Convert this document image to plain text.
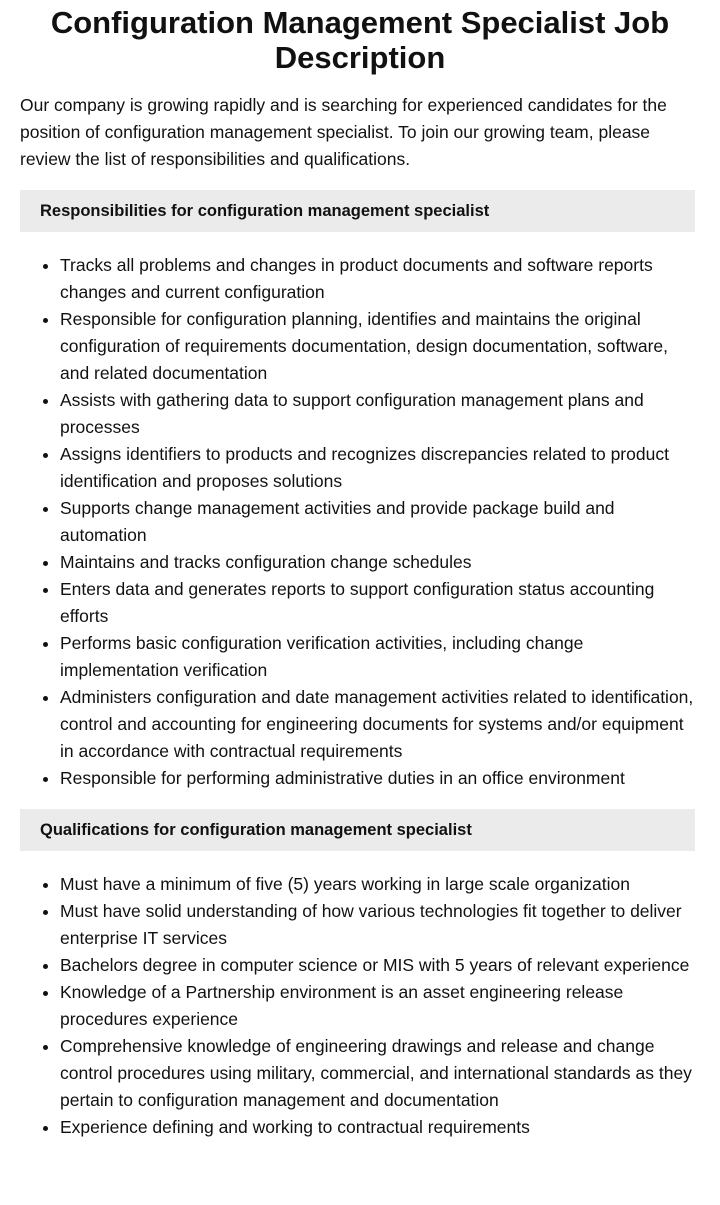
Configuration Management Specialist Job Description

Our company is growing rapidly and is searching for experienced candidates for the position of configuration management specialist. To join our growing team, please review the list of responsibilities and qualifications.

Responsibilities for configuration management specialist
• Tracks all problems and changes in product documents and software reports changes and current configuration
• Responsible for configuration planning, identifies and maintains the original configuration of requirements documentation, design documentation, software, and related documentation
• Assists with gathering data to support configuration management plans and processes
• Assigns identifiers to products and recognizes discrepancies related to product identification and proposes solutions
• Supports change management activities and provide package build and automation
• Maintains and tracks configuration change schedules
• Enters data and generates reports to support configuration status accounting efforts
• Performs basic configuration verification activities, including change implementation verification
• Administers configuration and date management activities related to identification, control and accounting for engineering documents for systems and/or equipment in accordance with contractual requirements
• Responsible for performing administrative duties in an office environment
Qualifications for configuration management specialist
• Must have a minimum of five (5) years working in large scale organization
• Must have solid understanding of how various technologies fit together to deliver enterprise IT services
• Bachelors degree in computer science or MIS with 5 years of relevant experience
• Knowledge of a Partnership environment is an asset engineering release procedures experience
• Comprehensive knowledge of engineering drawings and release and change control procedures using military, commercial, and international standards as they pertain to configuration management and documentation
• Experience defining and working to contractual requirements
